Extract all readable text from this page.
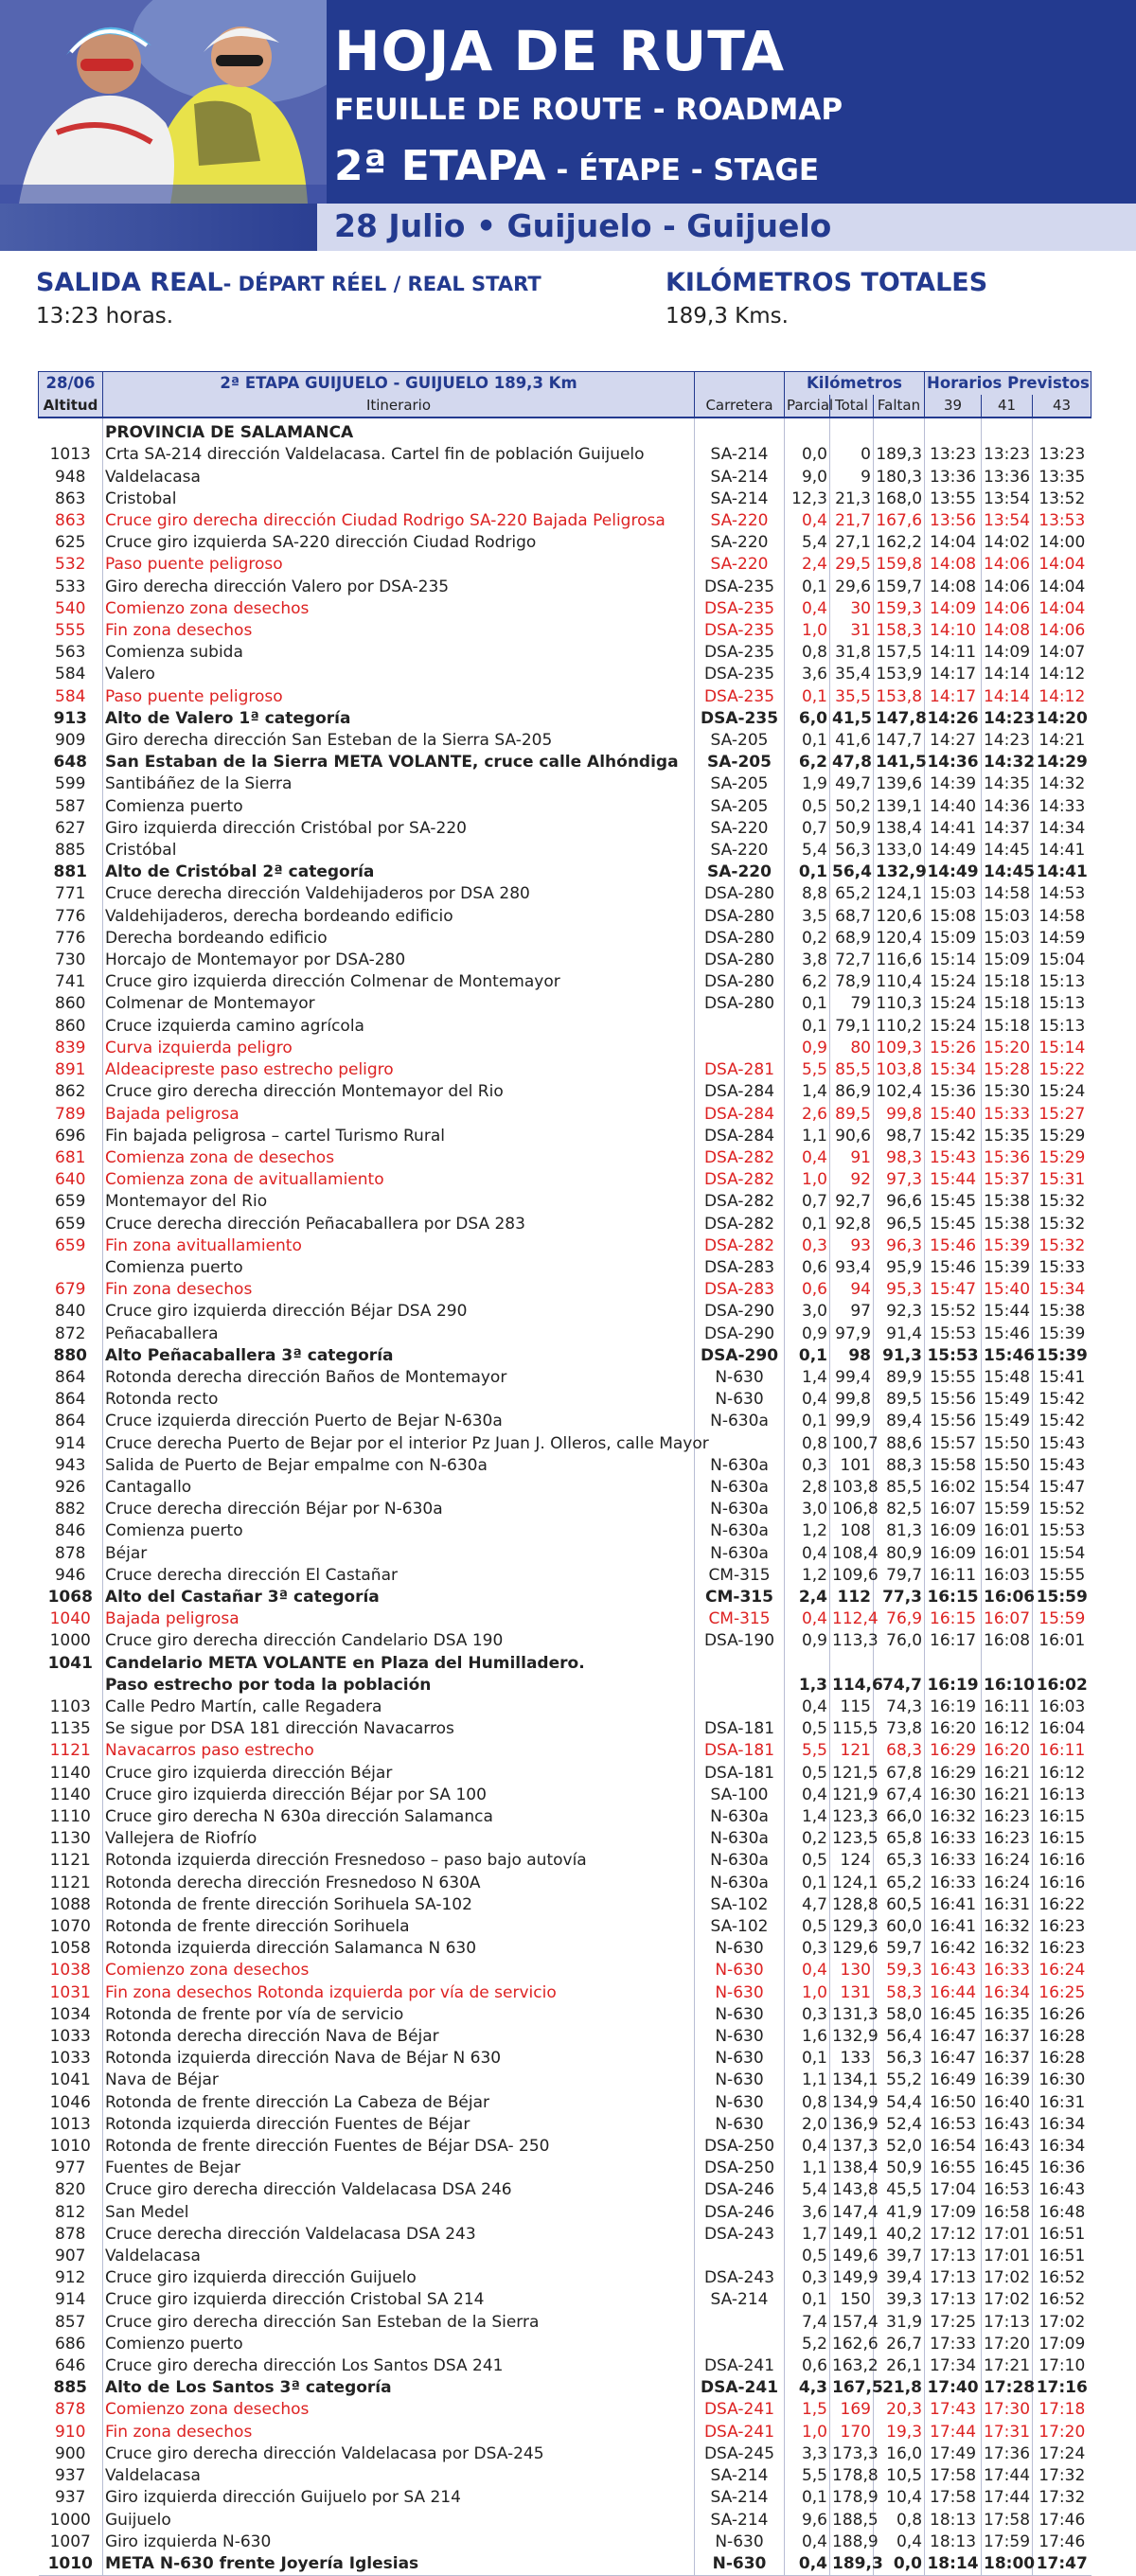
HOJA DE RUTA
FEUILLE DE ROUTE - ROADMAP
2ª ETAPA - ÉTAPE - STAGE
28 Julio • Guijuelo - Guijuelo
SALIDA REAL- DÉPART RÉEL / REAL START
13:23 horas.
KILÓMETROS TOTALES
189,3 Kms.
28/06	2ª ETAPA GUIJUELO - GUIJUELO 189,3 Km		Kilómetros			Horarios Previstos		
Altitud	Itinerario	Carretera	Parcial	Total	Faltan	39	41	43
	PROVINCIA DE SALAMANCA							
1013	Crta SA-214 dirección Valdelacasa. Cartel fin de población Guijuelo	SA-214	0,0	0	189,3	13:23	13:23	13:23
948	Valdelacasa	SA-214	9,0	9	180,3	13:36	13:36	13:35
863	Cristobal	SA-214	12,3	21,3	168,0	13:55	13:54	13:52
863	Cruce giro derecha dirección Ciudad Rodrigo SA-220 Bajada Peligrosa	SA-220	0,4	21,7	167,6	13:56	13:54	13:53
625	Cruce giro izquierda SA-220 dirección Ciudad Rodrigo	SA-220	5,4	27,1	162,2	14:04	14:02	14:00
532	Paso puente peligroso	SA-220	2,4	29,5	159,8	14:08	14:06	14:04
533	Giro derecha dirección Valero por DSA-235	DSA-235	0,1	29,6	159,7	14:08	14:06	14:04
540	Comienzo zona desechos	DSA-235	0,4	30	159,3	14:09	14:06	14:04
555	Fin zona desechos	DSA-235	1,0	31	158,3	14:10	14:08	14:06
563	Comienza subida	DSA-235	0,8	31,8	157,5	14:11	14:09	14:07
584	Valero	DSA-235	3,6	35,4	153,9	14:17	14:14	14:12
584	Paso puente peligroso	DSA-235	0,1	35,5	153,8	14:17	14:14	14:12
913	Alto de Valero 1ª categoría	DSA-235	6,0	41,5	147,8	14:26	14:23	14:20
909	Giro derecha dirección San Esteban de la Sierra SA-205	SA-205	0,1	41,6	147,7	14:27	14:23	14:21
648	San Estaban de la Sierra META VOLANTE, cruce calle Alhóndiga	SA-205	6,2	47,8	141,5	14:36	14:32	14:29
599	Santibáñez de la Sierra	SA-205	1,9	49,7	139,6	14:39	14:35	14:32
587	Comienza puerto	SA-205	0,5	50,2	139,1	14:40	14:36	14:33
627	Giro izquierda dirección Cristóbal por SA-220	SA-220	0,7	50,9	138,4	14:41	14:37	14:34
885	Cristóbal	SA-220	5,4	56,3	133,0	14:49	14:45	14:41
881	Alto de Cristóbal 2ª categoría	SA-220	0,1	56,4	132,9	14:49	14:45	14:41
771	Cruce derecha dirección Valdehijaderos por DSA 280	DSA-280	8,8	65,2	124,1	15:03	14:58	14:53
776	Valdehijaderos, derecha bordeando edificio	DSA-280	3,5	68,7	120,6	15:08	15:03	14:58
776	Derecha bordeando edificio	DSA-280	0,2	68,9	120,4	15:09	15:03	14:59
730	Horcajo de Montemayor por DSA-280	DSA-280	3,8	72,7	116,6	15:14	15:09	15:04
741	Cruce giro izquierda dirección Colmenar de Montemayor	DSA-280	6,2	78,9	110,4	15:24	15:18	15:13
860	Colmenar de Montemayor	DSA-280	0,1	79	110,3	15:24	15:18	15:13
860	Cruce izquierda camino agrícola		0,1	79,1	110,2	15:24	15:18	15:13
839	Curva izquierda peligro		0,9	80	109,3	15:26	15:20	15:14
891	Aldeacipreste paso estrecho peligro	DSA-281	5,5	85,5	103,8	15:34	15:28	15:22
862	Cruce giro derecha dirección Montemayor del Rio	DSA-284	1,4	86,9	102,4	15:36	15:30	15:24
789	Bajada peligrosa	DSA-284	2,6	89,5	99,8	15:40	15:33	15:27
696	Fin bajada peligrosa – cartel Turismo Rural	DSA-284	1,1	90,6	98,7	15:42	15:35	15:29
681	Comienza zona de desechos	DSA-282	0,4	91	98,3	15:43	15:36	15:29
640	Comienza zona de avituallamiento	DSA-282	1,0	92	97,3	15:44	15:37	15:31
659	Montemayor del Rio	DSA-282	0,7	92,7	96,6	15:45	15:38	15:32
659	Cruce derecha dirección Peñacaballera por DSA 283	DSA-282	0,1	92,8	96,5	15:45	15:38	15:32
659	Fin zona avituallamiento	DSA-282	0,3	93	96,3	15:46	15:39	15:32
	Comienza puerto	DSA-283	0,6	93,4	95,9	15:46	15:39	15:33
679	Fin zona desechos	DSA-283	0,6	94	95,3	15:47	15:40	15:34
840	Cruce giro izquierda dirección Béjar DSA 290	DSA-290	3,0	97	92,3	15:52	15:44	15:38
872	Peñacaballera	DSA-290	0,9	97,9	91,4	15:53	15:46	15:39
880	Alto Peñacaballera 3ª categoría	DSA-290	0,1	98	91,3	15:53	15:46	15:39
864	Rotonda derecha dirección Baños de Montemayor	N-630	1,4	99,4	89,9	15:55	15:48	15:41
864	Rotonda recto	N-630	0,4	99,8	89,5	15:56	15:49	15:42
864	Cruce izquierda dirección Puerto de Bejar N-630a	N-630a	0,1	99,9	89,4	15:56	15:49	15:42
914	Cruce derecha Puerto de Bejar por el interior Pz Juan J. Olleros, calle Mayor		0,8	100,7	88,6	15:57	15:50	15:43
943	Salida de Puerto de Bejar empalme con N-630a	N-630a	0,3	101	88,3	15:58	15:50	15:43
926	Cantagallo	N-630a	2,8	103,8	85,5	16:02	15:54	15:47
882	Cruce derecha dirección Béjar por N-630a	N-630a	3,0	106,8	82,5	16:07	15:59	15:52
846	Comienza puerto	N-630a	1,2	108	81,3	16:09	16:01	15:53
878	Béjar	N-630a	0,4	108,4	80,9	16:09	16:01	15:54
946	Cruce derecha dirección El Castañar	CM-315	1,2	109,6	79,7	16:11	16:03	15:55
1068	Alto del Castañar 3ª categoría	CM-315	2,4	112	77,3	16:15	16:06	15:59
1040	Bajada peligrosa	CM-315	0,4	112,4	76,9	16:15	16:07	15:59
1000	Cruce giro derecha dirección Candelario DSA 190	DSA-190	0,9	113,3	76,0	16:17	16:08	16:01
1041	Candelario META VOLANTE en Plaza del Humilladero.							
	Paso estrecho por toda la población		1,3	114,6	74,7	16:19	16:10	16:02
1103	Calle Pedro Martín, calle Regadera		0,4	115	74,3	16:19	16:11	16:03
1135	Se sigue por DSA 181 dirección Navacarros	DSA-181	0,5	115,5	73,8	16:20	16:12	16:04
1121	Navacarros paso estrecho	DSA-181	5,5	121	68,3	16:29	16:20	16:11
1140	Cruce giro izquierda dirección Béjar	DSA-181	0,5	121,5	67,8	16:29	16:21	16:12
1140	Cruce giro izquierda dirección Béjar por SA 100	SA-100	0,4	121,9	67,4	16:30	16:21	16:13
1110	Cruce giro derecha N 630a dirección Salamanca	N-630a	1,4	123,3	66,0	16:32	16:23	16:15
1130	Vallejera de Riofrío	N-630a	0,2	123,5	65,8	16:33	16:23	16:15
1121	Rotonda izquierda dirección Fresnedoso – paso bajo autovía	N-630a	0,5	124	65,3	16:33	16:24	16:16
1121	Rotonda derecha dirección Fresnedoso N 630A	N-630a	0,1	124,1	65,2	16:33	16:24	16:16
1088	Rotonda de frente dirección Sorihuela SA-102	SA-102	4,7	128,8	60,5	16:41	16:31	16:22
1070	Rotonda de frente dirección Sorihuela	SA-102	0,5	129,3	60,0	16:41	16:32	16:23
1058	Rotonda izquierda dirección Salamanca N 630	N-630	0,3	129,6	59,7	16:42	16:32	16:23
1038	Comienzo zona desechos	N-630	0,4	130	59,3	16:43	16:33	16:24
1031	Fin zona desechos Rotonda izquierda por vía de servicio	N-630	1,0	131	58,3	16:44	16:34	16:25
1034	Rotonda de frente por vía de servicio	N-630	0,3	131,3	58,0	16:45	16:35	16:26
1033	Rotonda derecha dirección Nava de Béjar	N-630	1,6	132,9	56,4	16:47	16:37	16:28
1033	Rotonda izquierda dirección Nava de Béjar N 630	N-630	0,1	133	56,3	16:47	16:37	16:28
1041	Nava de Béjar	N-630	1,1	134,1	55,2	16:49	16:39	16:30
1046	Rotonda de frente dirección La Cabeza de Béjar	N-630	0,8	134,9	54,4	16:50	16:40	16:31
1013	Rotonda izquierda dirección Fuentes de Béjar	N-630	2,0	136,9	52,4	16:53	16:43	16:34
1010	Rotonda de frente dirección Fuentes de Béjar DSA- 250	DSA-250	0,4	137,3	52,0	16:54	16:43	16:34
977	Fuentes de Bejar	DSA-250	1,1	138,4	50,9	16:55	16:45	16:36
820	Cruce giro derecha dirección Valdelacasa DSA 246	DSA-246	5,4	143,8	45,5	17:04	16:53	16:43
812	San Medel	DSA-246	3,6	147,4	41,9	17:09	16:58	16:48
878	Cruce derecha dirección Valdelacasa DSA 243	DSA-243	1,7	149,1	40,2	17:12	17:01	16:51
907	Valdelacasa		0,5	149,6	39,7	17:13	17:01	16:51
912	Cruce giro izquierda dirección Guijuelo	DSA-243	0,3	149,9	39,4	17:13	17:02	16:52
914	Cruce giro izquierda dirección Cristobal SA 214	SA-214	0,1	150	39,3	17:13	17:02	16:52
857	Cruce giro derecha dirección San Esteban de la Sierra		7,4	157,4	31,9	17:25	17:13	17:02
686	Comienzo puerto		5,2	162,6	26,7	17:33	17:20	17:09
646	Cruce giro derecha dirección Los Santos DSA 241	DSA-241	0,6	163,2	26,1	17:34	17:21	17:10
885	Alto de Los Santos 3ª categoría	DSA-241	4,3	167,5	21,8	17:40	17:28	17:16
878	Comienzo zona desechos	DSA-241	1,5	169	20,3	17:43	17:30	17:18
910	Fin zona desechos	DSA-241	1,0	170	19,3	17:44	17:31	17:20
900	Cruce giro derecha dirección Valdelacasa por DSA-245	DSA-245	3,3	173,3	16,0	17:49	17:36	17:24
937	Valdelacasa	SA-214	5,5	178,8	10,5	17:58	17:44	17:32
937	Giro izquierda dirección Guijuelo por SA 214	SA-214	0,1	178,9	10,4	17:58	17:44	17:32
1000	Guijuelo	SA-214	9,6	188,5	0,8	18:13	17:58	17:46
1007	Giro izquierda N-630	N-630	0,4	188,9	0,4	18:13	17:59	17:46
1010	META N-630 frente Joyería Iglesias	N-630	0,4	189,3	0,0	18:14	18:00	17:47
